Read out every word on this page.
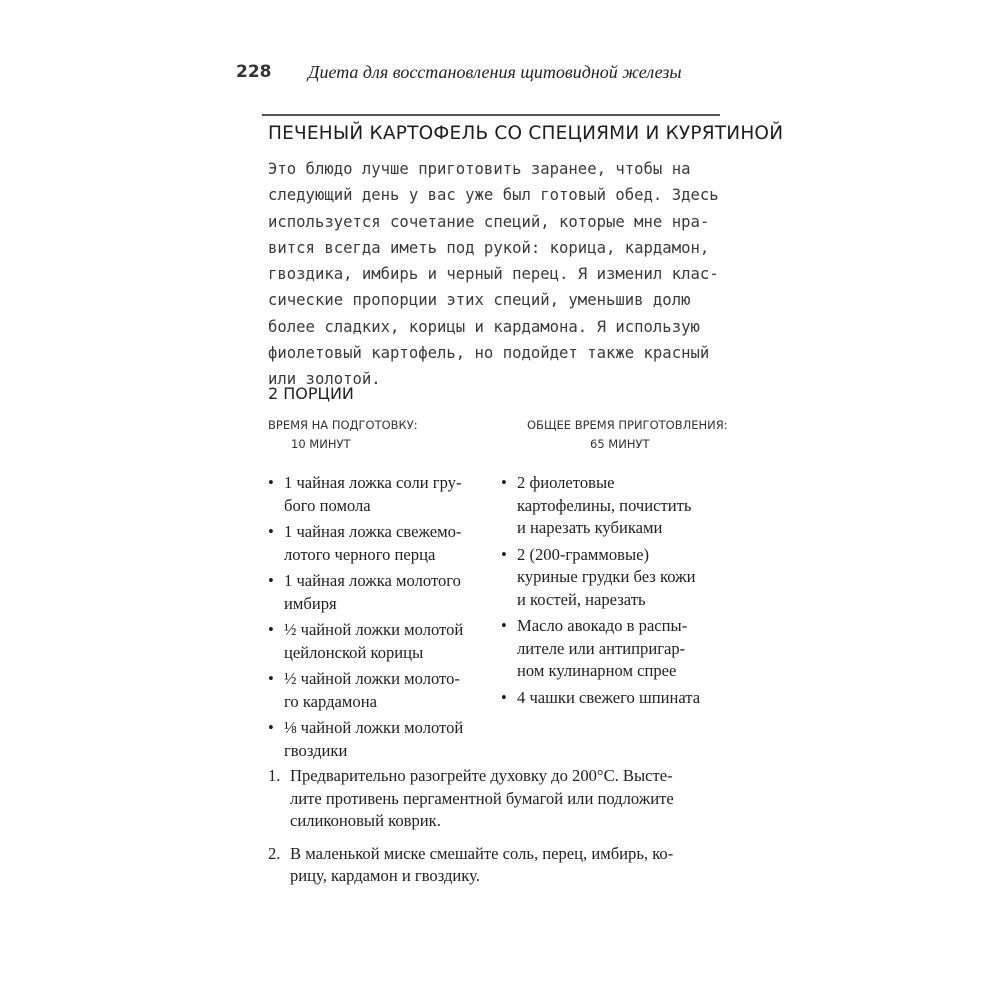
228 Диета для восстановления щитовидной железы
ПЕЧЕНЫЙ КАРТОФЕЛЬ СО СПЕЦИЯМИ И КУРЯТИНОЙ

Это блюдо лучше приготовить заранее, чтобы на
следующий день у вас уже был готовый обед. Здесь
используется сочетание специй, которые мне нра-
вится всегда иметь под рукой: корица, кардамон,
гвоздика, имбирь и черный перец. Я изменил клас-
сические пропорции этих специй, уменьшив долю
более сладких, корицы и кардамона. Я использую
фиолетовый картофель, но подойдет также красный
или золотой.

2 ПОРЦИИ
ВРЕМЯ НА ПОДГОТОВКУ:
10 МИНУТ
ОБЩЕЕ ВРЕМЯ ПРИГОТОВЛЕНИЯ:
65 МИНУТ
• 1 чайная ложка соли гру-
бого помола
• 1 чайная ложка свежемо-
лотого черного перца
• 1 чайная ложка молотого
имбиря
• ½ чайной ложки молотой
цейлонской корицы
• ½ чайной ложки молото-
го кардамона
• ⅛ чайной ложки молотой
гвоздики
• 2 фиолетовые
картофелины, почистить
и нарезать кубиками
• 2 (200-граммовые)
куриные грудки без кожи
и костей, нарезать
• Масло авокадо в распы-
лителе или антипригар-
ном кулинарном спрее
• 4 чашки свежего шпината
1. Предварительно разогрейте духовку до 200°С. Высте-
лите противень пергаментной бумагой или подложите
силиконовый коврик.
2. В маленькой миске смешайте соль, перец, имбирь, ко-
рицу, кардамон и гвоздику.
